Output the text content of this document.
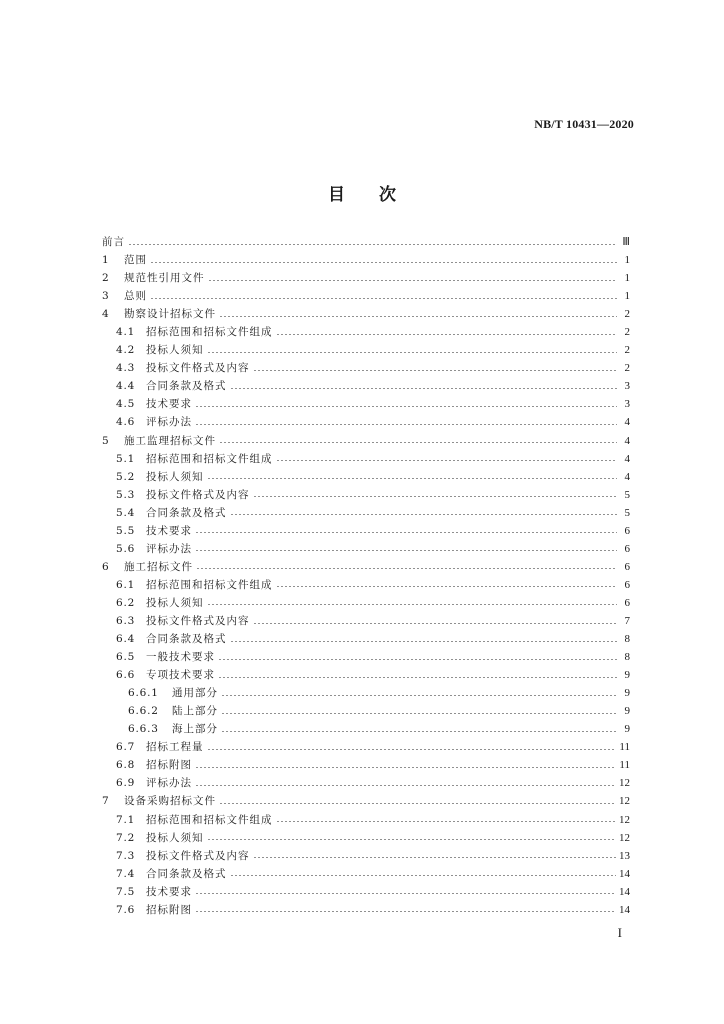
NB/T 10431—2020
目 次
前言	Ⅲ
1	范围	1
2	规范性引用文件	1
3	总则	1
4	勘察设计招标文件	2
4.1	招标范围和招标文件组成	2
4.2	投标人须知	2
4.3	投标文件格式及内容	2
4.4	合同条款及格式	3
4.5	技术要求	3
4.6	评标办法	4
5	施工监理招标文件	4
5.1	招标范围和招标文件组成	4
5.2	投标人须知	4
5.3	投标文件格式及内容	5
5.4	合同条款及格式	5
5.5	技术要求	6
5.6	评标办法	6
6	施工招标文件	6
6.1	招标范围和招标文件组成	6
6.2	投标人须知	6
6.3	投标文件格式及内容	7
6.4	合同条款及格式	8
6.5	一般技术要求	8
6.6	专项技术要求	9
6.6.1	通用部分	9
6.6.2	陆上部分	9
6.6.3	海上部分	9
6.7	招标工程量	11
6.8	招标附图	11
6.9	评标办法	12
7	设备采购招标文件	12
7.1	招标范围和招标文件组成	12
7.2	投标人须知	12
7.3	投标文件格式及内容	13
7.4	合同条款及格式	14
7.5	技术要求	14
7.6	招标附图	14
I
